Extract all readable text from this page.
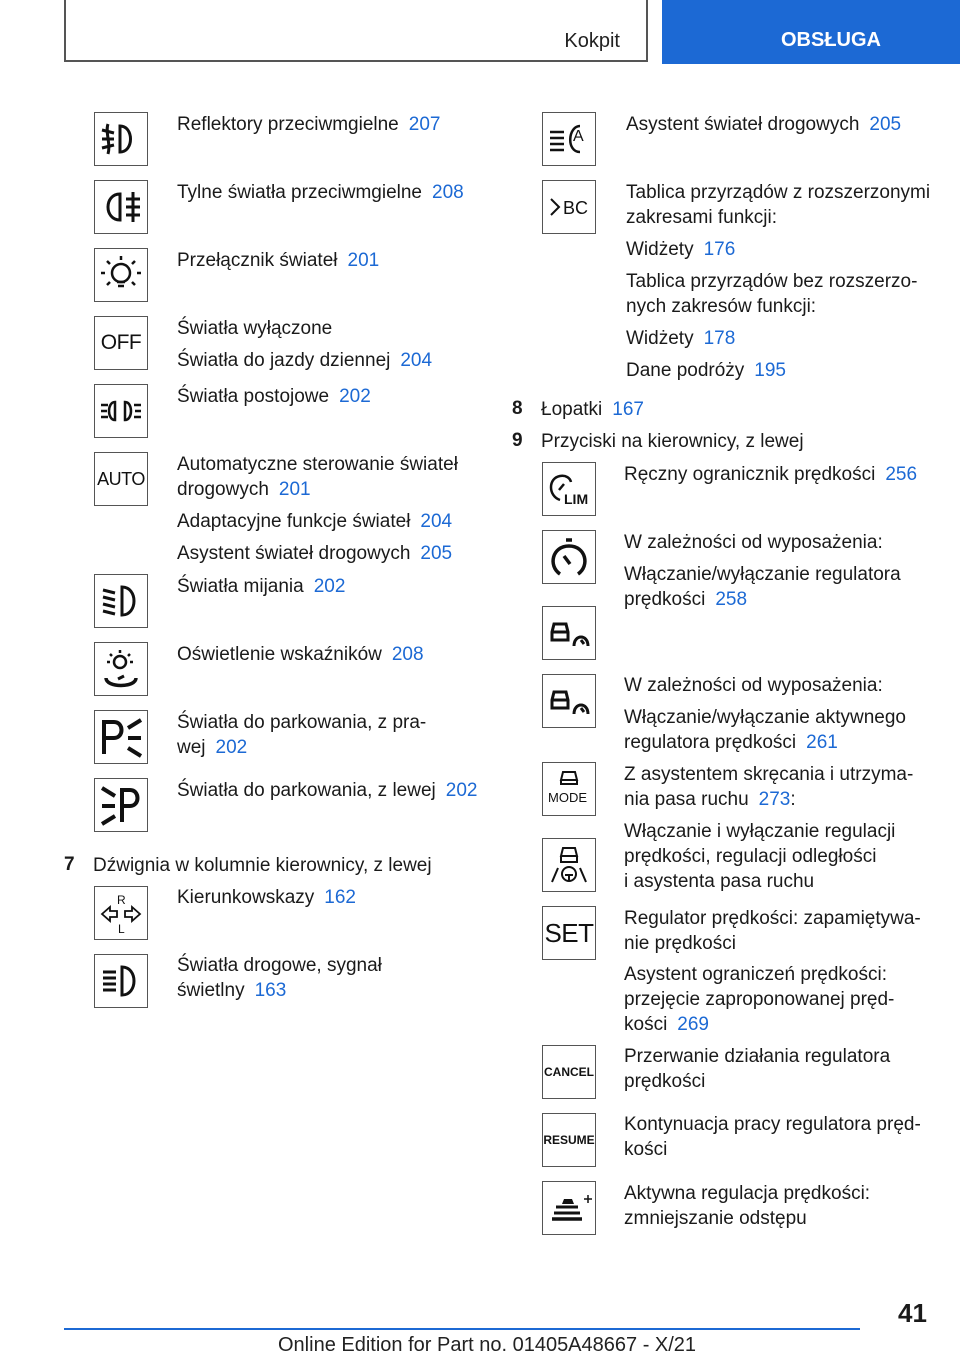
Kokpit	OBSŁUGA
Reflektory przeciwmgielne 207
Tylne światła przeciwmgielne 208
Przełącznik świateł 201
OFF
Światła wyłączone
Światła do jazdy dziennej 204
Światła postojowe 202
AUTO
Automatyczne sterowanie świateł
drogowych 201
Adaptacyjne funkcje świateł 204
Asystent świateł drogowych 205
Światła mijania 202
Oświetlenie wskaźników 208
Światła do parkowania, z pra-
wej 202
Światła do parkowania, z lewej 202
7 Dźwignia w kolumnie kierownicy, z lewej
R
L
Kierunkowskazy 162
Światła drogowe, sygnał
świetlny 163
A
Asystent świateł drogowych 205
BC
Tablica przyrządów z rozszerzonymi
zakresami funkcji:
Widżety 176
Tablica przyrządów bez rozszerzo-
nych zakresów funkcji:
Widżety 178
Dane podróży 195
8 Łopatki 167
9 Przyciski na kierownicy, z lewej
LIM
Ręczny ogranicznik prędkości 256
W zależności od wyposażenia:
Włączanie/wyłączanie regulatora
prędkości 258
W zależności od wyposażenia:
Włączanie/wyłączanie aktywnego
regulatora prędkości 261
MODE
Z asystentem skręcania i utrzyma-
nia pasa ruchu 273:
Włączanie i wyłączanie regulacji
prędkości, regulacji odległości
i asystenta pasa ruchu
SET Regulator prędkości: zapamiętywa-
nie prędkości
Asystent ograniczeń prędkości:
przejęcie zaproponowanej pręd-
kości 269
CANCEL
Przerwanie działania regulatora
prędkości
RESUME
Kontynuacja pracy regulatora pręd-
kości
Aktywna regulacja prędkości:
zmniejszanie odstępu
41
Online Edition for Part no. 01405A48667 - X/21
